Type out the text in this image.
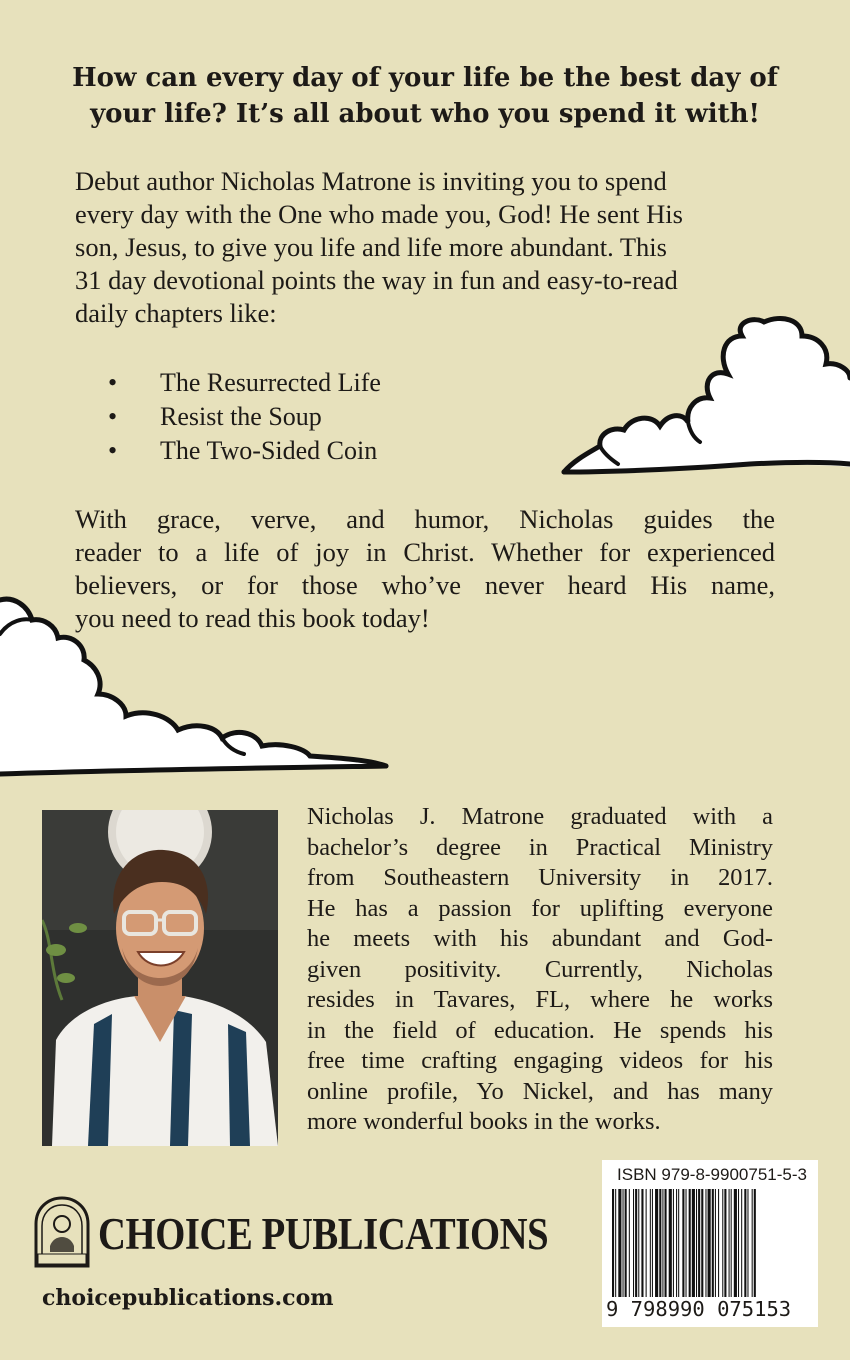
How can every day of your life be the best day of
your life? It’s all about who you spend it with!
Debut author Nicholas Matrone is inviting you to spend
every day with the One who made you, God! He sent His
son, Jesus, to give you life and life more abundant. This
31 day devotional points the way in fun and easy-to-read
daily chapters like:
• The Resurrected Life
• Resist the Soup
• The Two-Sided Coin
With grace, verve, and humor, Nicholas guides the
reader to a life of joy in Christ. Whether for experienced
believers, or for those who’ve never heard His name,
you need to read this book today!
Nicholas J. Matrone graduated with a
bachelor’s degree in Practical Ministry
from Southeastern University in 2017.
He has a passion for uplifting everyone
he meets with his abundant and God-
given positivity. Currently, Nicholas
resides in Tavares, FL, where he works
in the field of education. He spends his
free time crafting engaging videos for his
online profile, Yo Nickel, and has many
more wonderful books in the works.
CHOICE PUBLICATIONS
choicepublications.com
ISBN 979-8-9900751-5-3
9 798990 075153
